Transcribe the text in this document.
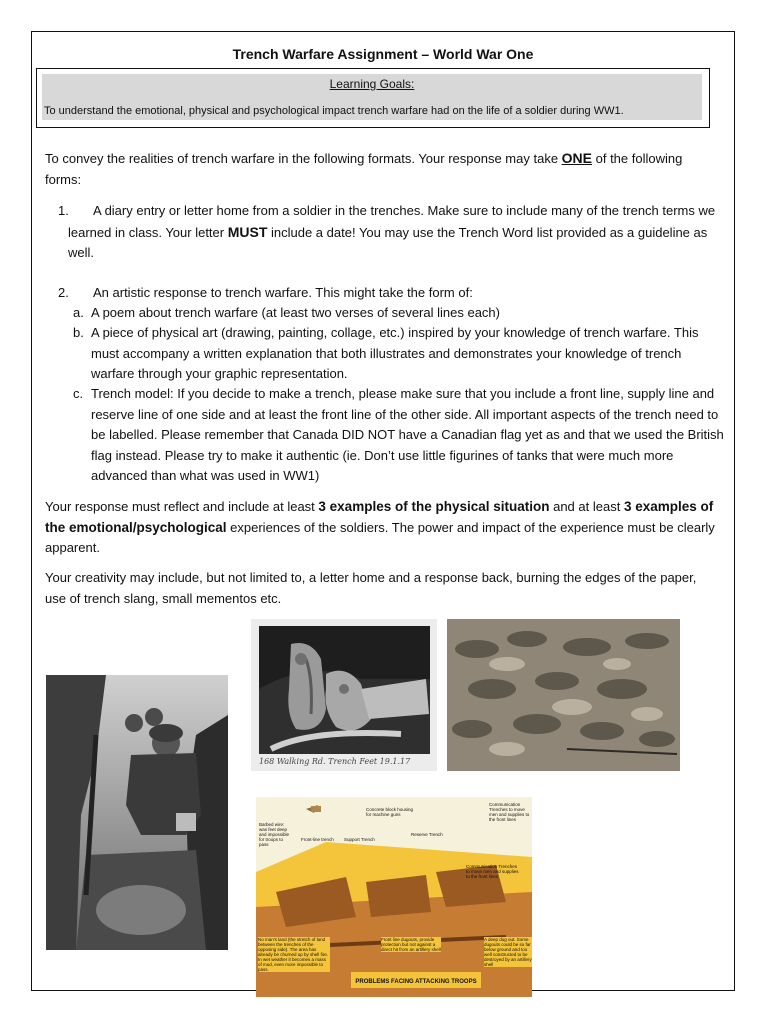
Trench Warfare Assignment – World War One
Learning Goals:
To understand the emotional, physical and psychological impact trench warfare had on the life of a soldier during WW1.
To convey the realities of trench warfare in the following formats. Your response may take ONE of the following forms:
1.	A diary entry or letter home from a soldier in the trenches. Make sure to include many of the trench terms we learned in class. Your letter MUST include a date! You may use the Trench Word list provided as a guideline as well.
2. An artistic response to trench warfare. This might take the form of:
a. A poem about trench warfare (at least two verses of several lines each)
b. A piece of physical art (drawing, painting, collage, etc.) inspired by your knowledge of trench warfare. This must accompany a written explanation that both illustrates and demonstrates your knowledge of trench warfare through your graphic representation.
c. Trench model: If you decide to make a trench, please make sure that you include a front line, supply line and reserve line of one side and at least the front line of the other side. All important aspects of the trench need to be labelled. Please remember that Canada DID NOT have a Canadian flag yet as and that we used the British flag instead. Please try to make it authentic (ie. Don’t use little figurines of tanks that were much more advanced than what was used in WW1)
Your response must reflect and include at least 3 examples of the physical situation and at least 3 examples of the emotional/psychological experiences of the soldiers. The power and impact of the experience must be clearly apparent.
Your creativity may include, but not limited to, a letter home and a response back, burning the edges of the paper, use of trench slang, small mementos etc.
168 Walking Rd. Trench Feet 19.1.17
Barbed wire: was feet deep and impossible for troops to pass
Front-line trench Support Trench
Concrete block housing for machine guns
Reserve Trench
Communication Trenches to move men and supplies to the front lines
Communication Trenches to move men and supplies to the front lines
No man's land (the stretch of land between the trenches of the opposing side). The area has already be churned up by shell fire. In wet weather it becomes a mass of mud, even more impossible to pass.
Front line dugouts, provide protection but not against a direct hit from an artillery shell
A deep dug out. Some dugouts could be so far below ground and too well constructed to be destroyed by an artillery shell
PROBLEMS FACING ATTACKING TROOPS
